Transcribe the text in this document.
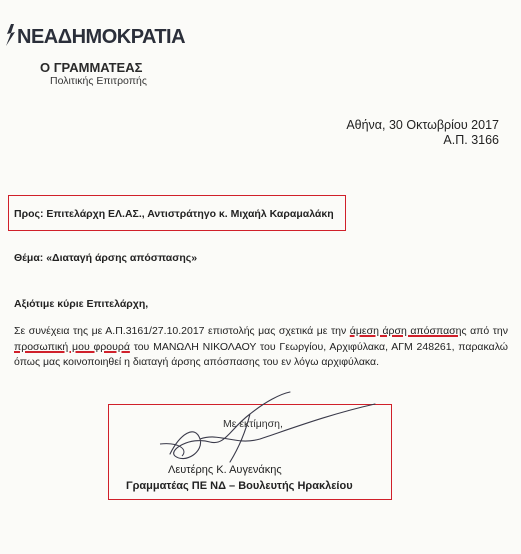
ΝΕΑΔΗΜΟΚΡΑΤΙΑ
Ο ΓΡΑΜΜΑΤΕΑΣ
Πολιτικής Επιτροπής
Αθήνα, 30 Οκτωβρίου 2017
Α.Π. 3166
Προς: Επιτελάρχη ΕΛ.ΑΣ., Αντιστράτηγο κ. Μιχαήλ Καραμαλάκη
Θέμα: «Διαταγή άρσης απόσπασης»
Αξιότιμε κύριε Επιτελάρχη,
Σε συνέχεια της με Α.Π.3161/27.10.2017 επιστολής μας σχετικά με την άμεση άρση απόσπασης από την προσωπική μου φρουρά του ΜΑΝΩΛΗ ΝΙΚΟΛΑΟΥ του Γεωργίου, Αρχιφύλακα, ΑΓΜ 248261, παρακαλώ όπως μας κοινοποιηθεί η διαταγή άρσης απόσπασης του εν λόγω αρχιφύλακα.
Με εκτίμηση,
Λευτέρης Κ. Αυγενάκης
Γραμματέας ΠΕ ΝΔ – Βουλευτής Ηρακλείου
